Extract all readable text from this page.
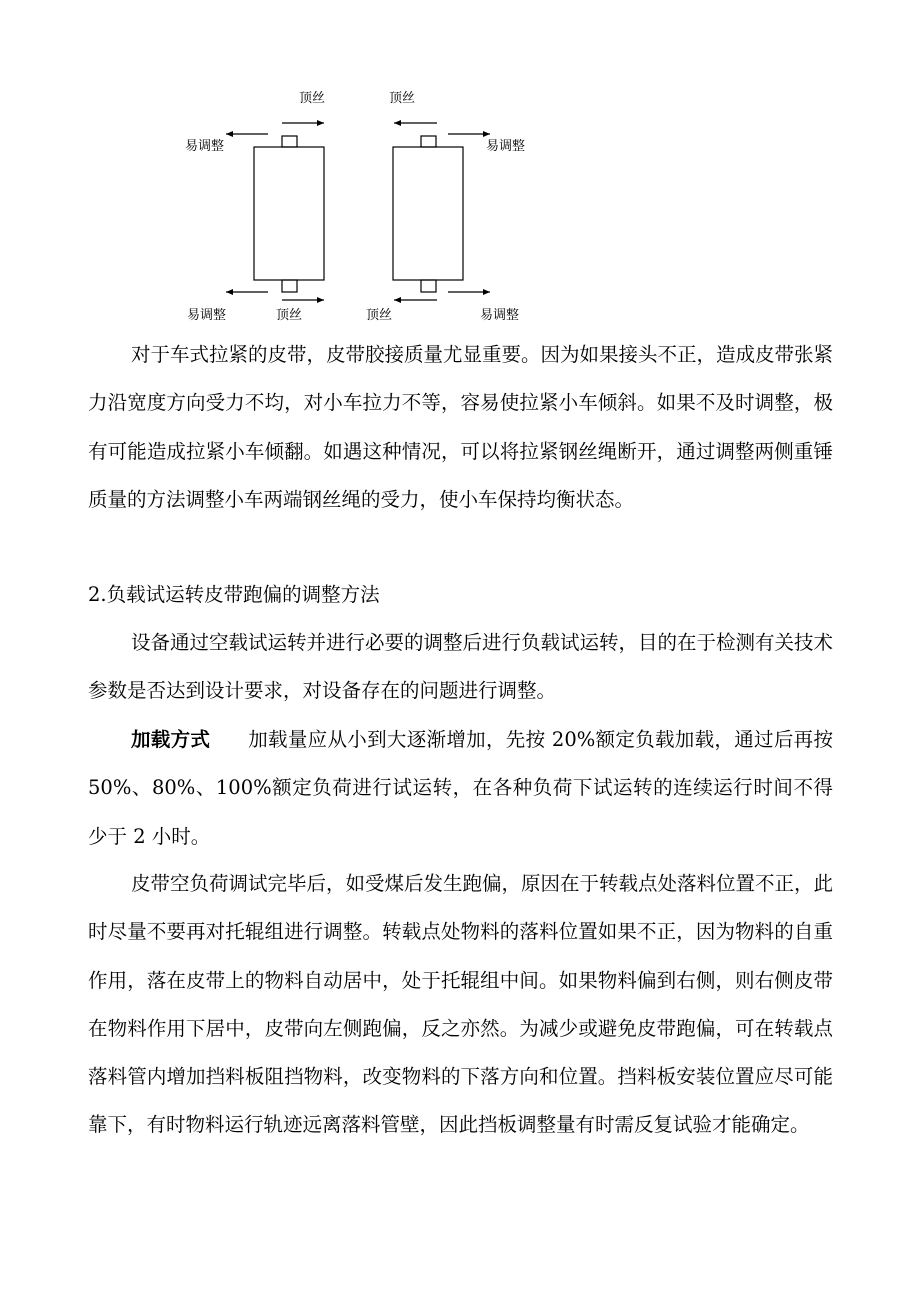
顶丝	顶丝
易调整	易调整
易调整	顶丝	顶丝	易调整

对于车式拉紧的皮带，皮带胶接质量尤显重要。因为如果接头不正，造成皮带张紧力沿宽度方向受力不均，对小车拉力不等，容易使拉紧小车倾斜。如果不及时调整，极有可能造成拉紧小车倾翻。如遇这种情况，可以将拉紧钢丝绳断开，通过调整两侧重锤质量的方法调整小车两端钢丝绳的受力，使小车保持均衡状态。

2.负载试运转皮带跑偏的调整方法

设备通过空载试运转并进行必要的调整后进行负载试运转，目的在于检测有关技术参数是否达到设计要求，对设备存在的问题进行调整。

加载方式 加载量应从小到大逐渐增加，先按 20%额定负载加载，通过后再按 50%、80%、100%额定负荷进行试运转，在各种负荷下试运转的连续运行时间不得少于 2 小时。

皮带空负荷调试完毕后，如受煤后发生跑偏，原因在于转载点处落料位置不正，此时尽量不要再对托辊组进行调整。转载点处物料的落料位置如果不正，因为物料的自重作用，落在皮带上的物料自动居中，处于托辊组中间。如果物料偏到右侧，则右侧皮带在物料作用下居中，皮带向左侧跑偏，反之亦然。为减少或避免皮带跑偏，可在转载点落料管内增加挡料板阻挡物料，改变物料的下落方向和位置。挡料板安装位置应尽可能靠下，有时物料运行轨迹远离落料管壁，因此挡板调整量有时需反复试验才能确定。
